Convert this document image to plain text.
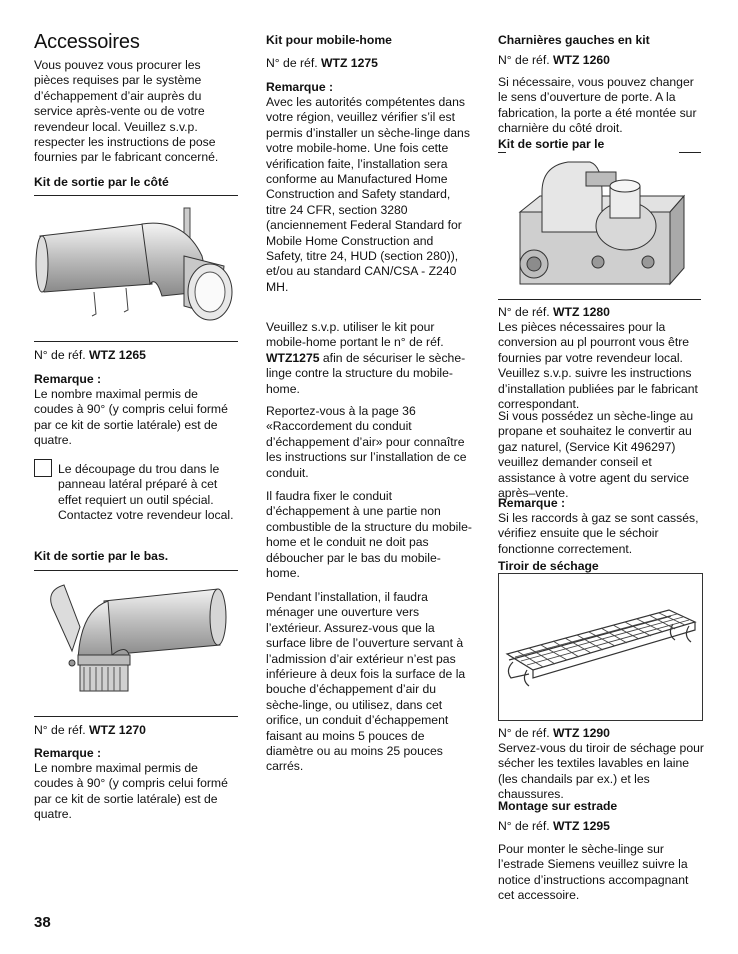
Accessoires

Vous pouvez vous procurer les pièces requises par le système d’échappement d’air auprès du service après-vente ou de votre revendeur local. Veuillez s.v.p. respecter les instructions de pose fournies par le fabricant concerné.

Kit de sortie par le côté

N° de réf. WTZ 1265

Remarque :

Le nombre maximal permis de coudes à 90° (y compris celui formé par ce kit de sortie latérale) est de quatre.

Le découpage du trou dans le panneau latéral préparé à cet effet requiert un outil spécial. Contactez votre revendeur local.

Kit de sortie par le bas.

N° de réf. WTZ 1270

Remarque :

Le nombre maximal permis de coudes à 90° (y compris celui formé par ce kit de sortie latérale) est de quatre.

Kit pour mobile-home

N° de réf. WTZ 1275

Remarque :

Avec les autorités compétentes dans votre région, veuillez vérifier s’il est permis d’installer un sèche-linge dans votre mobile-home. Une fois cette vérification faite, l’installation sera conforme au Manufactured Home Construction and Safety standard, titre 24 CFR, section 3280 (anciennement Federal Standard for Mobile Home Construction and Safety, titre 24, HUD (section 280)), et/ou au standard CAN/CSA - Z240 MH.

Veuillez s.v.p. utiliser le kit pour mobile-home portant le n° de réf. WTZ1275 afin de sécuriser le sèche-linge contre la structure du mobile-home.

Reportez-vous à la page 36 «Raccordement du conduit d’échappement d’air» pour connaître les instructions sur l’installation de ce conduit.

Il faudra fixer le conduit d’échappement à une partie non combustible de la structure du mobile-home et le conduit ne doit pas déboucher par le bas du mobile-home.

Pendant l’installation, il faudra ménager une ouverture vers l’extérieur. Assurez-vous que la surface libre de l’ouverture servant à l’admission d’air extérieur n’est pas inférieure à deux fois la surface de la bouche d’échappement d’air du sèche-linge, ou utilisez, dans cet orifice, un conduit d’échappement faisant au moins 5 pouces de diamètre ou au moins 25 pouces carrés.

Charnières gauches en kit

N° de réf. WTZ 1260

Si nécessaire, vous pouvez changer le sens d’ouverture de porte. A la fabrication, la porte a été montée sur charnière du côté droit.

Kit de sortie par le

N° de réf. WTZ 1280

Les pièces nécessaires pour la conversion au pl pourront vous être fournies par votre revendeur local. Veuillez s.v.p. suivre les instructions d’installation publiées par le fabricant correspondant.

Si vous possédez un sèche-linge au propane et souhaitez le convertir au gaz naturel, (Service Kit 496297) veuillez demander conseil et assistance à votre agent du service après–vente.

Remarque :

Si les raccords à gaz se sont cassés, vérifiez ensuite que le séchoir fonctionne correctement.

Tiroir de séchage

N° de réf. WTZ 1290

Servez-vous du tiroir de séchage pour sécher les textiles lavables en laine (les chandails par ex.) et les chaussures.

Montage sur estrade

N° de réf. WTZ 1295

Pour monter le sèche-linge sur l’estrade Siemens veuillez suivre la notice d’instructions accompagnant cet accessoire.

38
